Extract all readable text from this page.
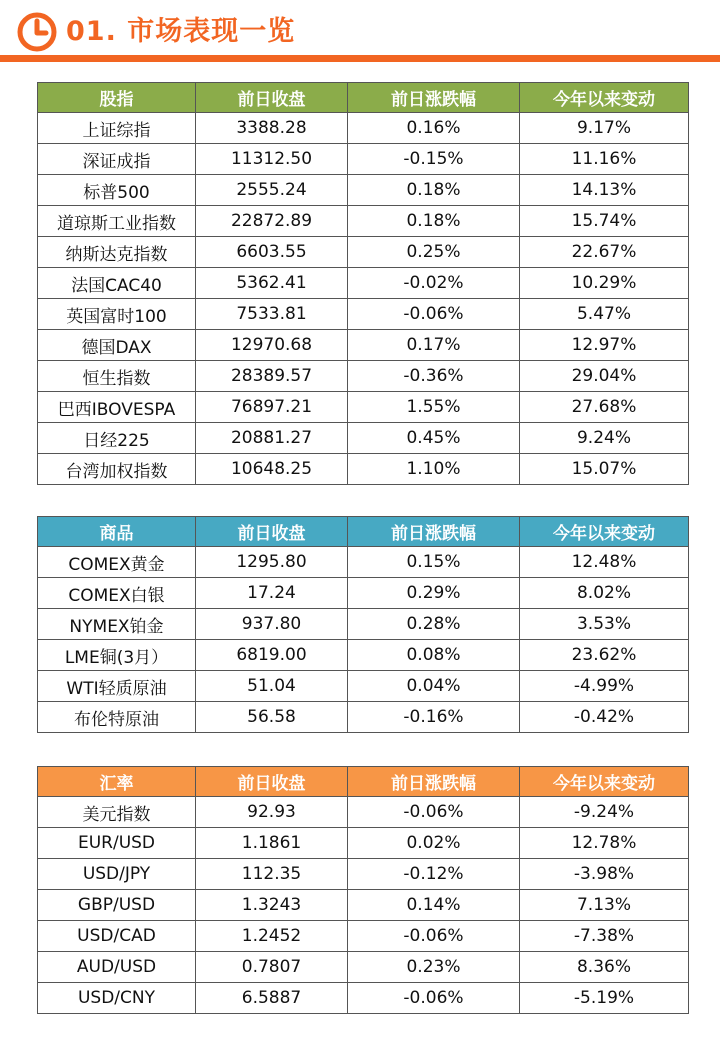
01. 市场表现一览
股指	前日收盘	前日涨跌幅	今年以来变动
上证综指	3388.28	0.16%	9.17%
深证成指	11312.50	-0.15%	11.16%
标普500	2555.24	0.18%	14.13%
道琼斯工业指数	22872.89	0.18%	15.74%
纳斯达克指数	6603.55	0.25%	22.67%
法国CAC40	5362.41	-0.02%	10.29%
英国富时100	7533.81	-0.06%	5.47%
德国DAX	12970.68	0.17%	12.97%
恒生指数	28389.57	-0.36%	29.04%
巴西IBOVESPA	76897.21	1.55%	27.68%
日经225	20881.27	0.45%	9.24%
台湾加权指数	10648.25	1.10%	15.07%
商品	前日收盘	前日涨跌幅	今年以来变动
COMEX黄金	1295.80	0.15%	12.48%
COMEX白银	17.24	0.29%	8.02%
NYMEX铂金	937.80	0.28%	3.53%
LME铜(3月）	6819.00	0.08%	23.62%
WTI轻质原油	51.04	0.04%	-4.99%
布伦特原油	56.58	-0.16%	-0.42%
汇率	前日收盘	前日涨跌幅	今年以来变动
美元指数	92.93	-0.06%	-9.24%
EUR/USD	1.1861	0.02%	12.78%
USD/JPY	112.35	-0.12%	-3.98%
GBP/USD	1.3243	0.14%	7.13%
USD/CAD	1.2452	-0.06%	-7.38%
AUD/USD	0.7807	0.23%	8.36%
USD/CNY	6.5887	-0.06%	-5.19%
